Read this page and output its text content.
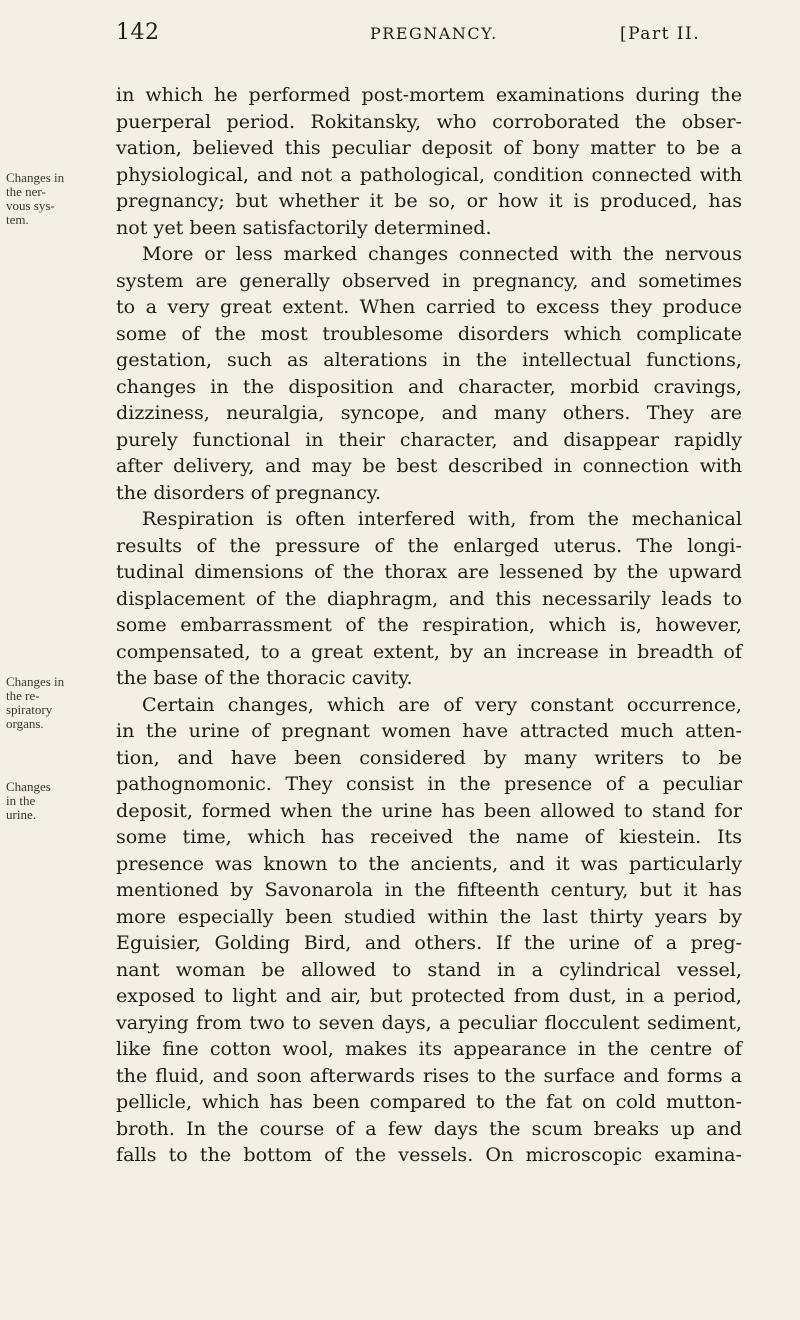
142	PREGNANCY.	[Part II.
Changes in
the ner-
vous sys-
tem.
Changes in
the re-
spiratory
organs.
Changes
in the
urine.
in which he performed post-mortem examinations during the
puerperal period. Rokitansky, who corroborated the obser-
vation, believed this peculiar deposit of bony matter to be a
physiological, and not a pathological, condition connected with
pregnancy; but whether it be so, or how it is produced, has
not yet been satisfactorily determined.
More or less marked changes connected with the nervous
system are generally observed in pregnancy, and sometimes
to a very great extent. When carried to excess they produce
some of the most troublesome disorders which complicate
gestation, such as alterations in the intellectual functions,
changes in the disposition and character, morbid cravings,
dizziness, neuralgia, syncope, and many others. They are
purely functional in their character, and disappear rapidly
after delivery, and may be best described in connection with
the disorders of pregnancy.
Respiration is often interfered with, from the mechanical
results of the pressure of the enlarged uterus. The longi-
tudinal dimensions of the thorax are lessened by the upward
displacement of the diaphragm, and this necessarily leads to
some embarrassment of the respiration, which is, however,
compensated, to a great extent, by an increase in breadth of
the base of the thoracic cavity.
Certain changes, which are of very constant occurrence,
in the urine of pregnant women have attracted much atten-
tion, and have been considered by many writers to be
pathognomonic. They consist in the presence of a peculiar
deposit, formed when the urine has been allowed to stand for
some time, which has received the name of kiestein. Its
presence was known to the ancients, and it was particularly
mentioned by Savonarola in the fifteenth century, but it has
more especially been studied within the last thirty years by
Eguisier, Golding Bird, and others. If the urine of a preg-
nant woman be allowed to stand in a cylindrical vessel,
exposed to light and air, but protected from dust, in a period,
varying from two to seven days, a peculiar flocculent sediment,
like fine cotton wool, makes its appearance in the centre of
the fluid, and soon afterwards rises to the surface and forms a
pellicle, which has been compared to the fat on cold mutton-
broth. In the course of a few days the scum breaks up and
falls to the bottom of the vessels. On microscopic examina-
